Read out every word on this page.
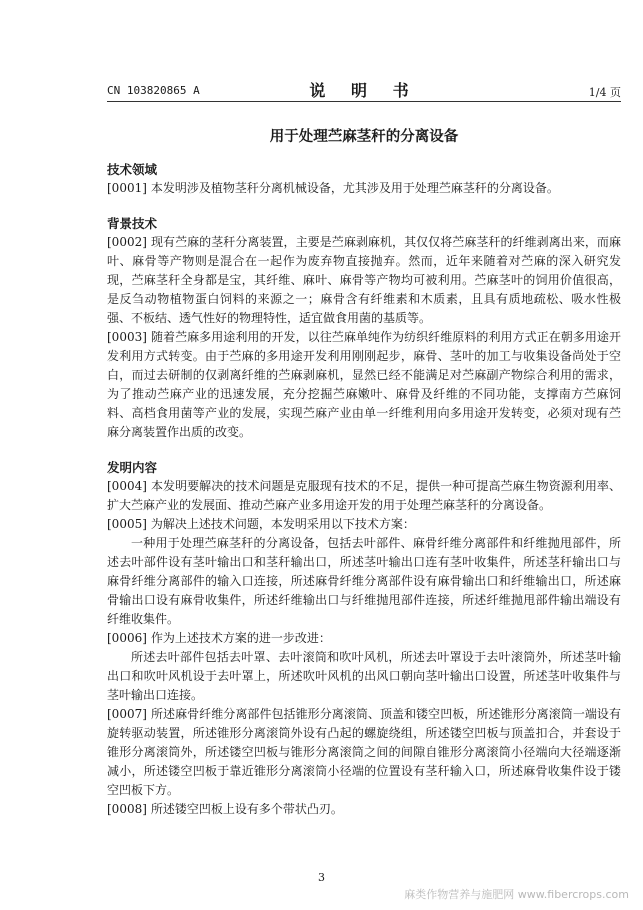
CN 103820865 A	说 明 书	1/4 页
用于处理苎麻茎秆的分离设备

技术领域

[0001] 本发明涉及植物茎秆分离机械设备，尤其涉及用于处理苎麻茎秆的分离设备。

背景技术

[0002] 现有苎麻的茎秆分离装置，主要是苎麻剥麻机，其仅仅将苎麻茎秆的纤维剥离出来，而麻叶、麻骨等产物则是混合在一起作为废弃物直接抛弃。然而，近年来随着对苎麻的深入研究发现，苎麻茎秆全身都是宝，其纤维、麻叶、麻骨等产物均可被利用。苎麻茎叶的饲用价值很高，是反刍动物植物蛋白饲料的来源之一；麻骨含有纤维素和木质素，且具有质地疏松、吸水性极强、不板结、透气性好的物理特性，适宜做食用菌的基质等。

[0003] 随着苎麻多用途利用的开发，以往苎麻单纯作为纺织纤维原料的利用方式正在朝多用途开发利用方式转变。由于苎麻的多用途开发利用刚刚起步，麻骨、茎叶的加工与收集设备尚处于空白，而过去研制的仅剥离纤维的苎麻剥麻机，显然已经不能满足对苎麻副产物综合利用的需求，为了推动苎麻产业的迅速发展，充分挖掘苎麻嫩叶、麻骨及纤维的不同功能，支撑南方苎麻饲料、高档食用菌等产业的发展，实现苎麻产业由单一纤维利用向多用途开发转变，必须对现有苎麻分离装置作出质的改变。

发明内容

[0004] 本发明要解决的技术问题是克服现有技术的不足，提供一种可提高苎麻生物资源利用率、扩大苎麻产业的发展面、推动苎麻产业多用途开发的用于处理苎麻茎秆的分离设备。

[0005] 为解决上述技术问题，本发明采用以下技术方案：

一种用于处理苎麻茎秆的分离设备，包括去叶部件、麻骨纤维分离部件和纤维抛甩部件，所述去叶部件设有茎叶输出口和茎秆输出口，所述茎叶输出口连有茎叶收集件，所述茎秆输出口与麻骨纤维分离部件的输入口连接，所述麻骨纤维分离部件设有麻骨输出口和纤维输出口，所述麻骨输出口设有麻骨收集件，所述纤维输出口与纤维抛甩部件连接，所述纤维抛甩部件输出端设有纤维收集件。

[0006] 作为上述技术方案的进一步改进：

所述去叶部件包括去叶罩、去叶滚筒和吹叶风机，所述去叶罩设于去叶滚筒外，所述茎叶输出口和吹叶风机设于去叶罩上，所述吹叶风机的出风口朝向茎叶输出口设置，所述茎叶收集件与茎叶输出口连接。

[0007] 所述麻骨纤维分离部件包括锥形分离滚筒、顶盖和镂空凹板，所述锥形分离滚筒一端设有旋转驱动装置，所述锥形分离滚筒外设有凸起的螺旋绕组，所述镂空凹板与顶盖扣合，并套设于锥形分离滚筒外，所述镂空凹板与锥形分离滚筒之间的间隙自锥形分离滚筒小径端向大径端逐渐减小，所述镂空凹板于靠近锥形分离滚筒小径端的位置设有茎秆输入口，所述麻骨收集件设于镂空凹板下方。

[0008] 所述镂空凹板上设有多个带状凸刃。

3
麻类作物营养与施肥网 www.fibercrops.com
